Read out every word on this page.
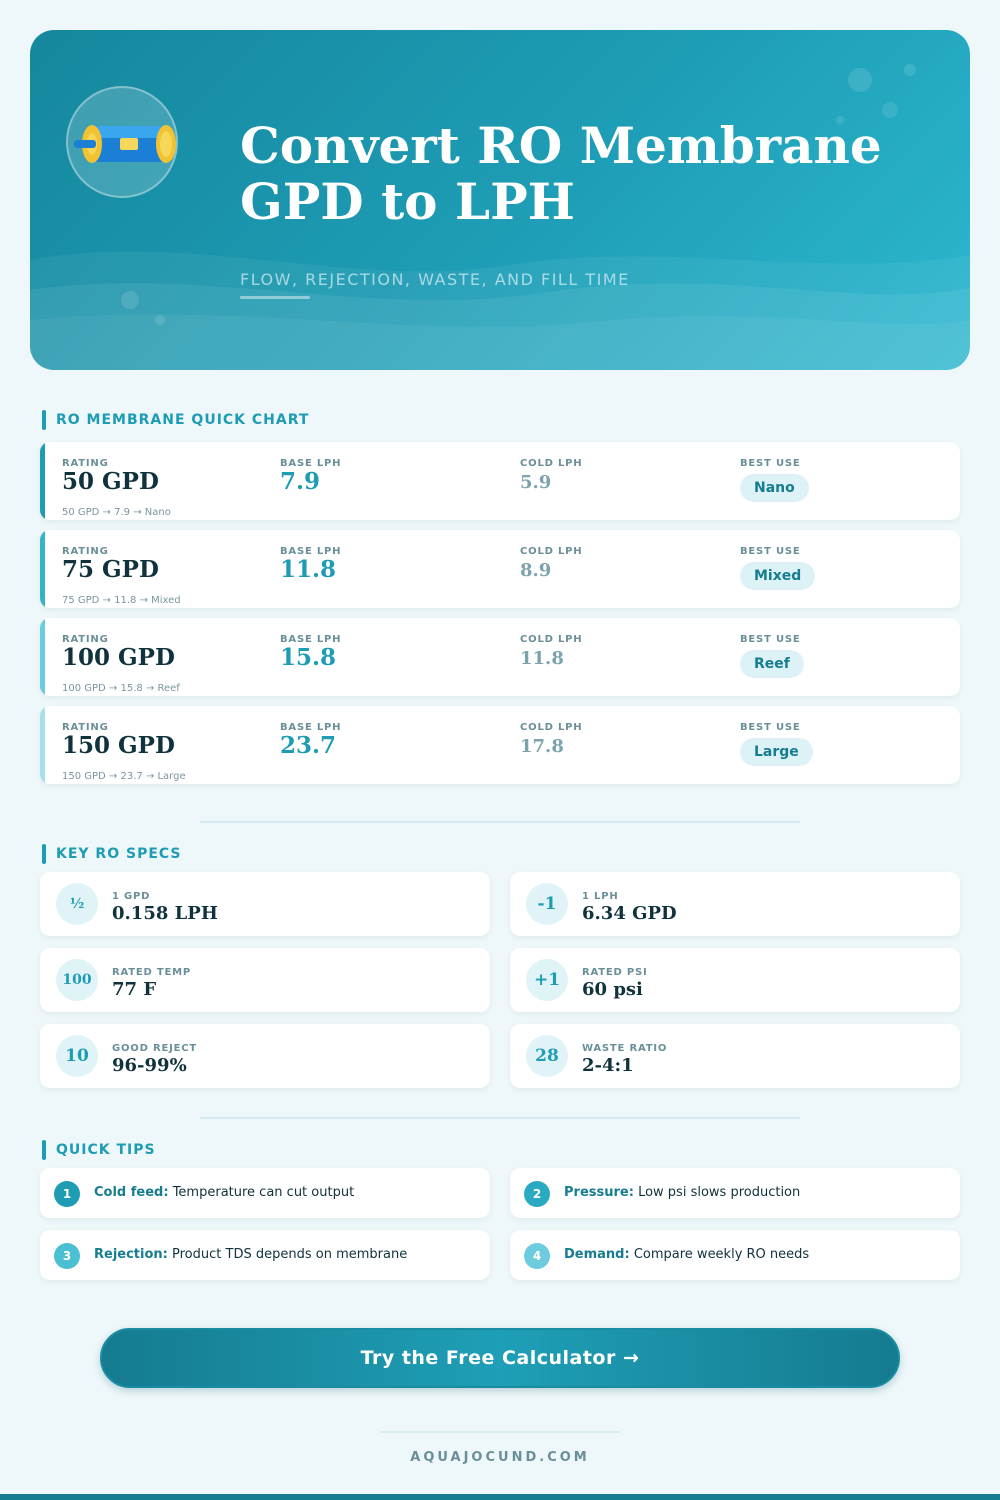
Convert RO Membrane
GPD to LPH
FLOW, REJECTION, WASTE, AND FILL TIME
RO MEMBRANE QUICK CHART
RATING
50 GPD
BASE LPH
7.9
COLD LPH
5.9
BEST USE
Nano
50 GPD → 7.9 → Nano
RATING
75 GPD
BASE LPH
11.8
COLD LPH
8.9
BEST USE
Mixed
75 GPD → 11.8 → Mixed
RATING
100 GPD
BASE LPH
15.8
COLD LPH
11.8
BEST USE
Reef
100 GPD → 15.8 → Reef
RATING
150 GPD
BASE LPH
23.7
COLD LPH
17.8
BEST USE
Large
150 GPD → 23.7 → Large
KEY RO SPECS
½	1 GPD
0.158 LPH	-1	1 LPH
6.34 GPD
100	RATED TEMP
77 F	+1	RATED PSI
60 psi
10	GOOD REJECT
96-99%	28	WASTE RATIO
2-4:1
QUICK TIPS
1	Cold feed: Temperature can cut output	2	Pressure: Low psi slows production
3	Rejection: Product TDS depends on membrane	4	Demand: Compare weekly RO needs
Try the Free Calculator →
AQUAJOCUND.COM
